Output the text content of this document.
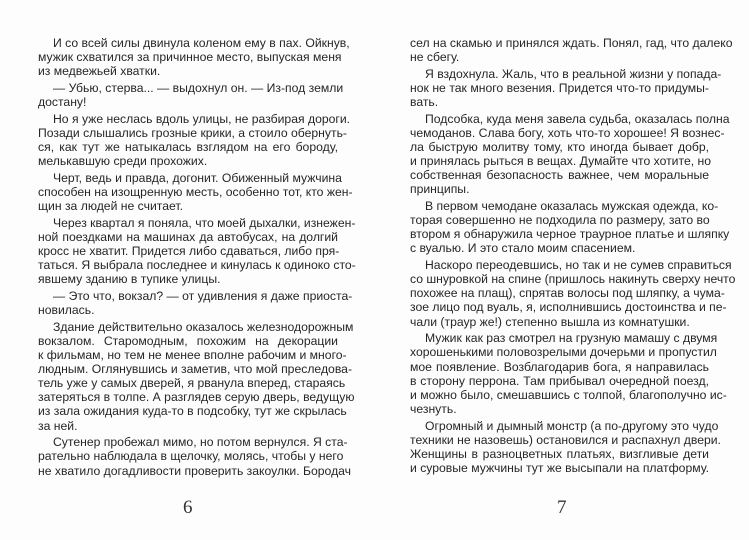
И со всей силы двинула коленом ему в пах. Ойкнув,
мужик схватился за причинное место, выпуская меня
из медвежьей хватки.
— Убью, стерва... — выдохнул он. — Из-под земли
достану!
Но я уже неслась вдоль улицы, не разбирая дороги.
Позади слышались грозные крики, а стоило обернуть-
ся, как тут же натыкалась взглядом на его бороду,
мелькавшую среди прохожих.
Черт, ведь и правда, догонит. Обиженный мужчина
способен на изощренную месть, особенно тот, кто жен-
щин за людей не считает.
Через квартал я поняла, что моей дыхалки, изнежен-
ной поездками на машинах да автобусах, на долгий
кросс не хватит. Придется либо сдаваться, либо пря-
таться. Я выбрала последнее и кинулась к одиноко сто-
явшему зданию в тупике улицы.
— Это что, вокзал? — от удивления я даже приоста-
новилась.
Здание действительно оказалось железнодорожным
вокзалом. Старомодным, похожим на декорации
к фильмам, но тем не менее вполне рабочим и много-
людным. Оглянувшись и заметив, что мой преследова-
тель уже у самых дверей, я рванула вперед, стараясь
затеряться в толпе. А разглядев серую дверь, ведущую
из зала ожидания куда-то в подсобку, тут же скрылась
за ней.
Сутенер пробежал мимо, но потом вернулся. Я ста-
рательно наблюдала в щелочку, молясь, чтобы у него
не хватило догадливости проверить закоулки. Бородач
сел на скамью и принялся ждать. Понял, гад, что далеко
не сбегу.
Я вздохнула. Жаль, что в реальной жизни у попада-
нок не так много везения. Придется что-то придумы-
вать.
Подсобка, куда меня завела судьба, оказалась полна
чемоданов. Слава богу, хоть что-то хорошее! Я вознес-
ла быструю молитву тому, кто иногда бывает добр,
и принялась рыться в вещах. Думайте что хотите, но
собственная безопасность важнее, чем моральные
принципы.
В первом чемодане оказалась мужская одежда, ко-
торая совершенно не подходила по размеру, зато во
втором я обнаружила черное траурное платье и шляпку
с вуалью. И это стало моим спасением.
Наскоро переодевшись, но так и не сумев справиться
со шнуровкой на спине (пришлось накинуть сверху нечто
похожее на плащ), спрятав волосы под шляпку, а чума-
зое лицо под вуаль, я, исполнившись достоинства и пе-
чали (траур же!) степенно вышла из комнатушки.
Мужик как раз смотрел на грузную мамашу с двумя
хорошенькими половозрелыми дочерьми и пропустил
мое появление. Возблагодарив бога, я направилась
в сторону перрона. Там прибывал очередной поезд,
и можно было, смешавшись с толпой, благополучно ис-
чезнуть.
Огромный и дымный монстр (а по-другому это чудо
техники не назовешь) остановился и распахнул двери.
Женщины в разноцветных платьях, визгливые дети
и суровые мужчины тут же высыпали на платформу.
6	7
